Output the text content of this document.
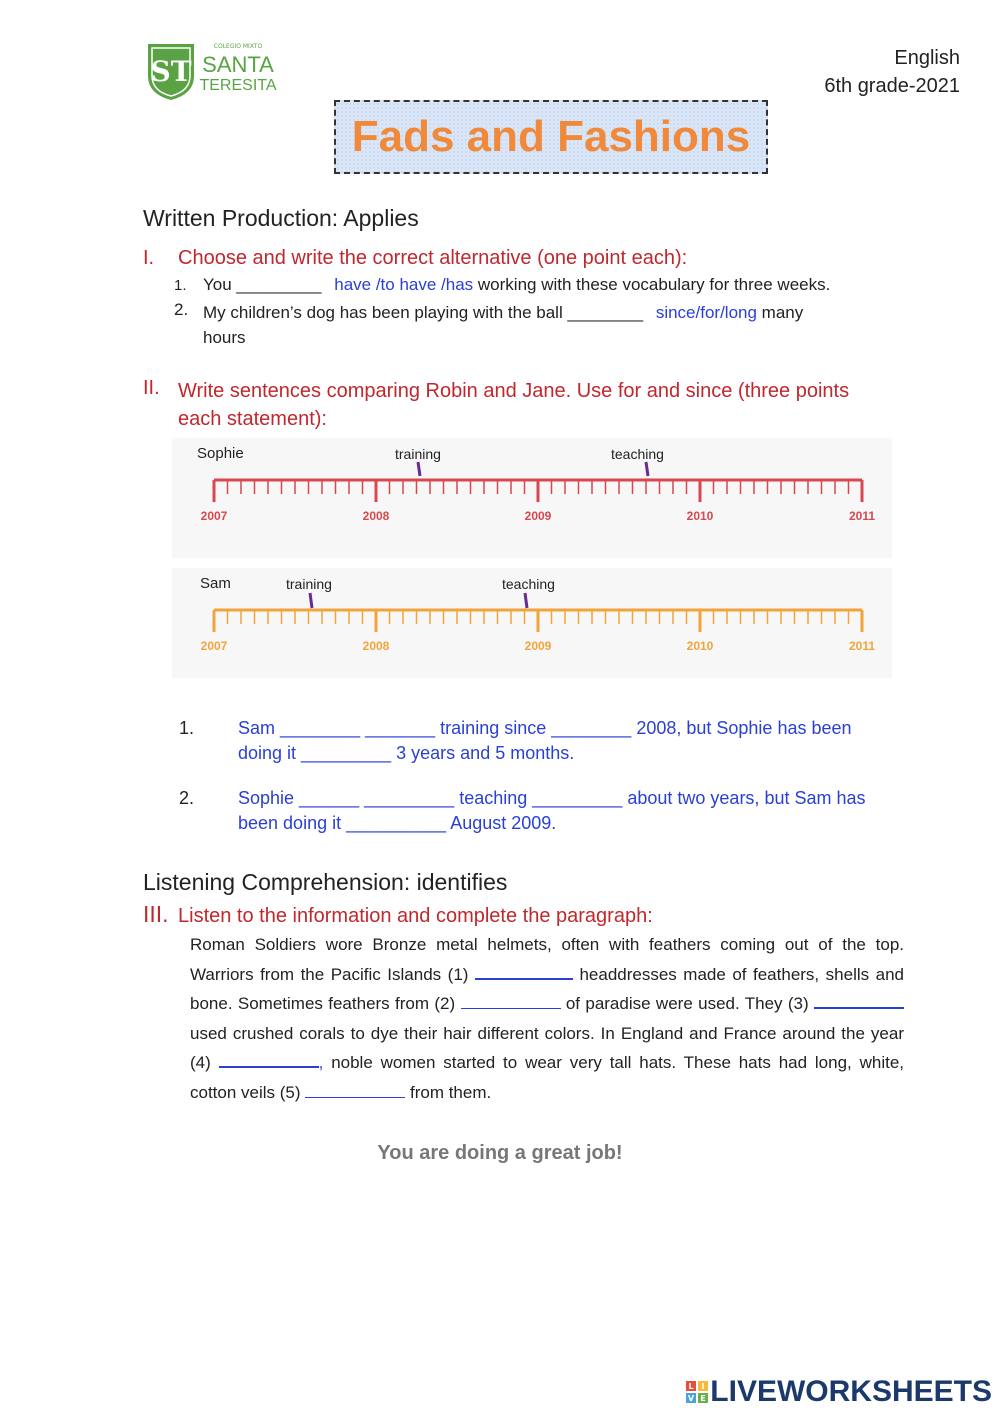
ST
COLEGIO MIXTO
SANTA
TERESITA
English
6th grade-2021
Fads and Fashions
Written Production: Applies
I. Choose and write the correct alternative (one point each):
1. You _________ have /to have /has working with these vocabulary for three weeks.
2. My children’s dog has been playing with the ball ________ since/for/long many
hours
II. Write sentences comparing Robin and Jane. Use for and since (three points
each statement):
Sophie	training	teaching
2007	2008	2009	2010	2011
Sam	training	teaching
2007	2008	2009	2010	2011
1. Sam ________ _______ training since ________ 2008, but Sophie has been
doing it _________ 3 years and 5 months.
2. Sophie ______ _________ teaching _________ about two years, but Sam has
been doing it __________ August 2009.
Listening Comprehension: identifies
III. Listen to the information and complete the paragraph:
Roman Soldiers wore Bronze metal helmets, often with feathers coming out of the top. Warriors from the Pacific Islands (1)	headdresses made of feathers, shells and bone. Sometimes feathers from (2)	of paradise were used. They (3)  used crushed corals to dye their hair different colors. In England and France around the year (4)	, noble women started to wear very tall hats. These hats had long, white, cotton veils (5)	from them.
You are doing a great job!
L I
V E LIVEWORKSHEETS
